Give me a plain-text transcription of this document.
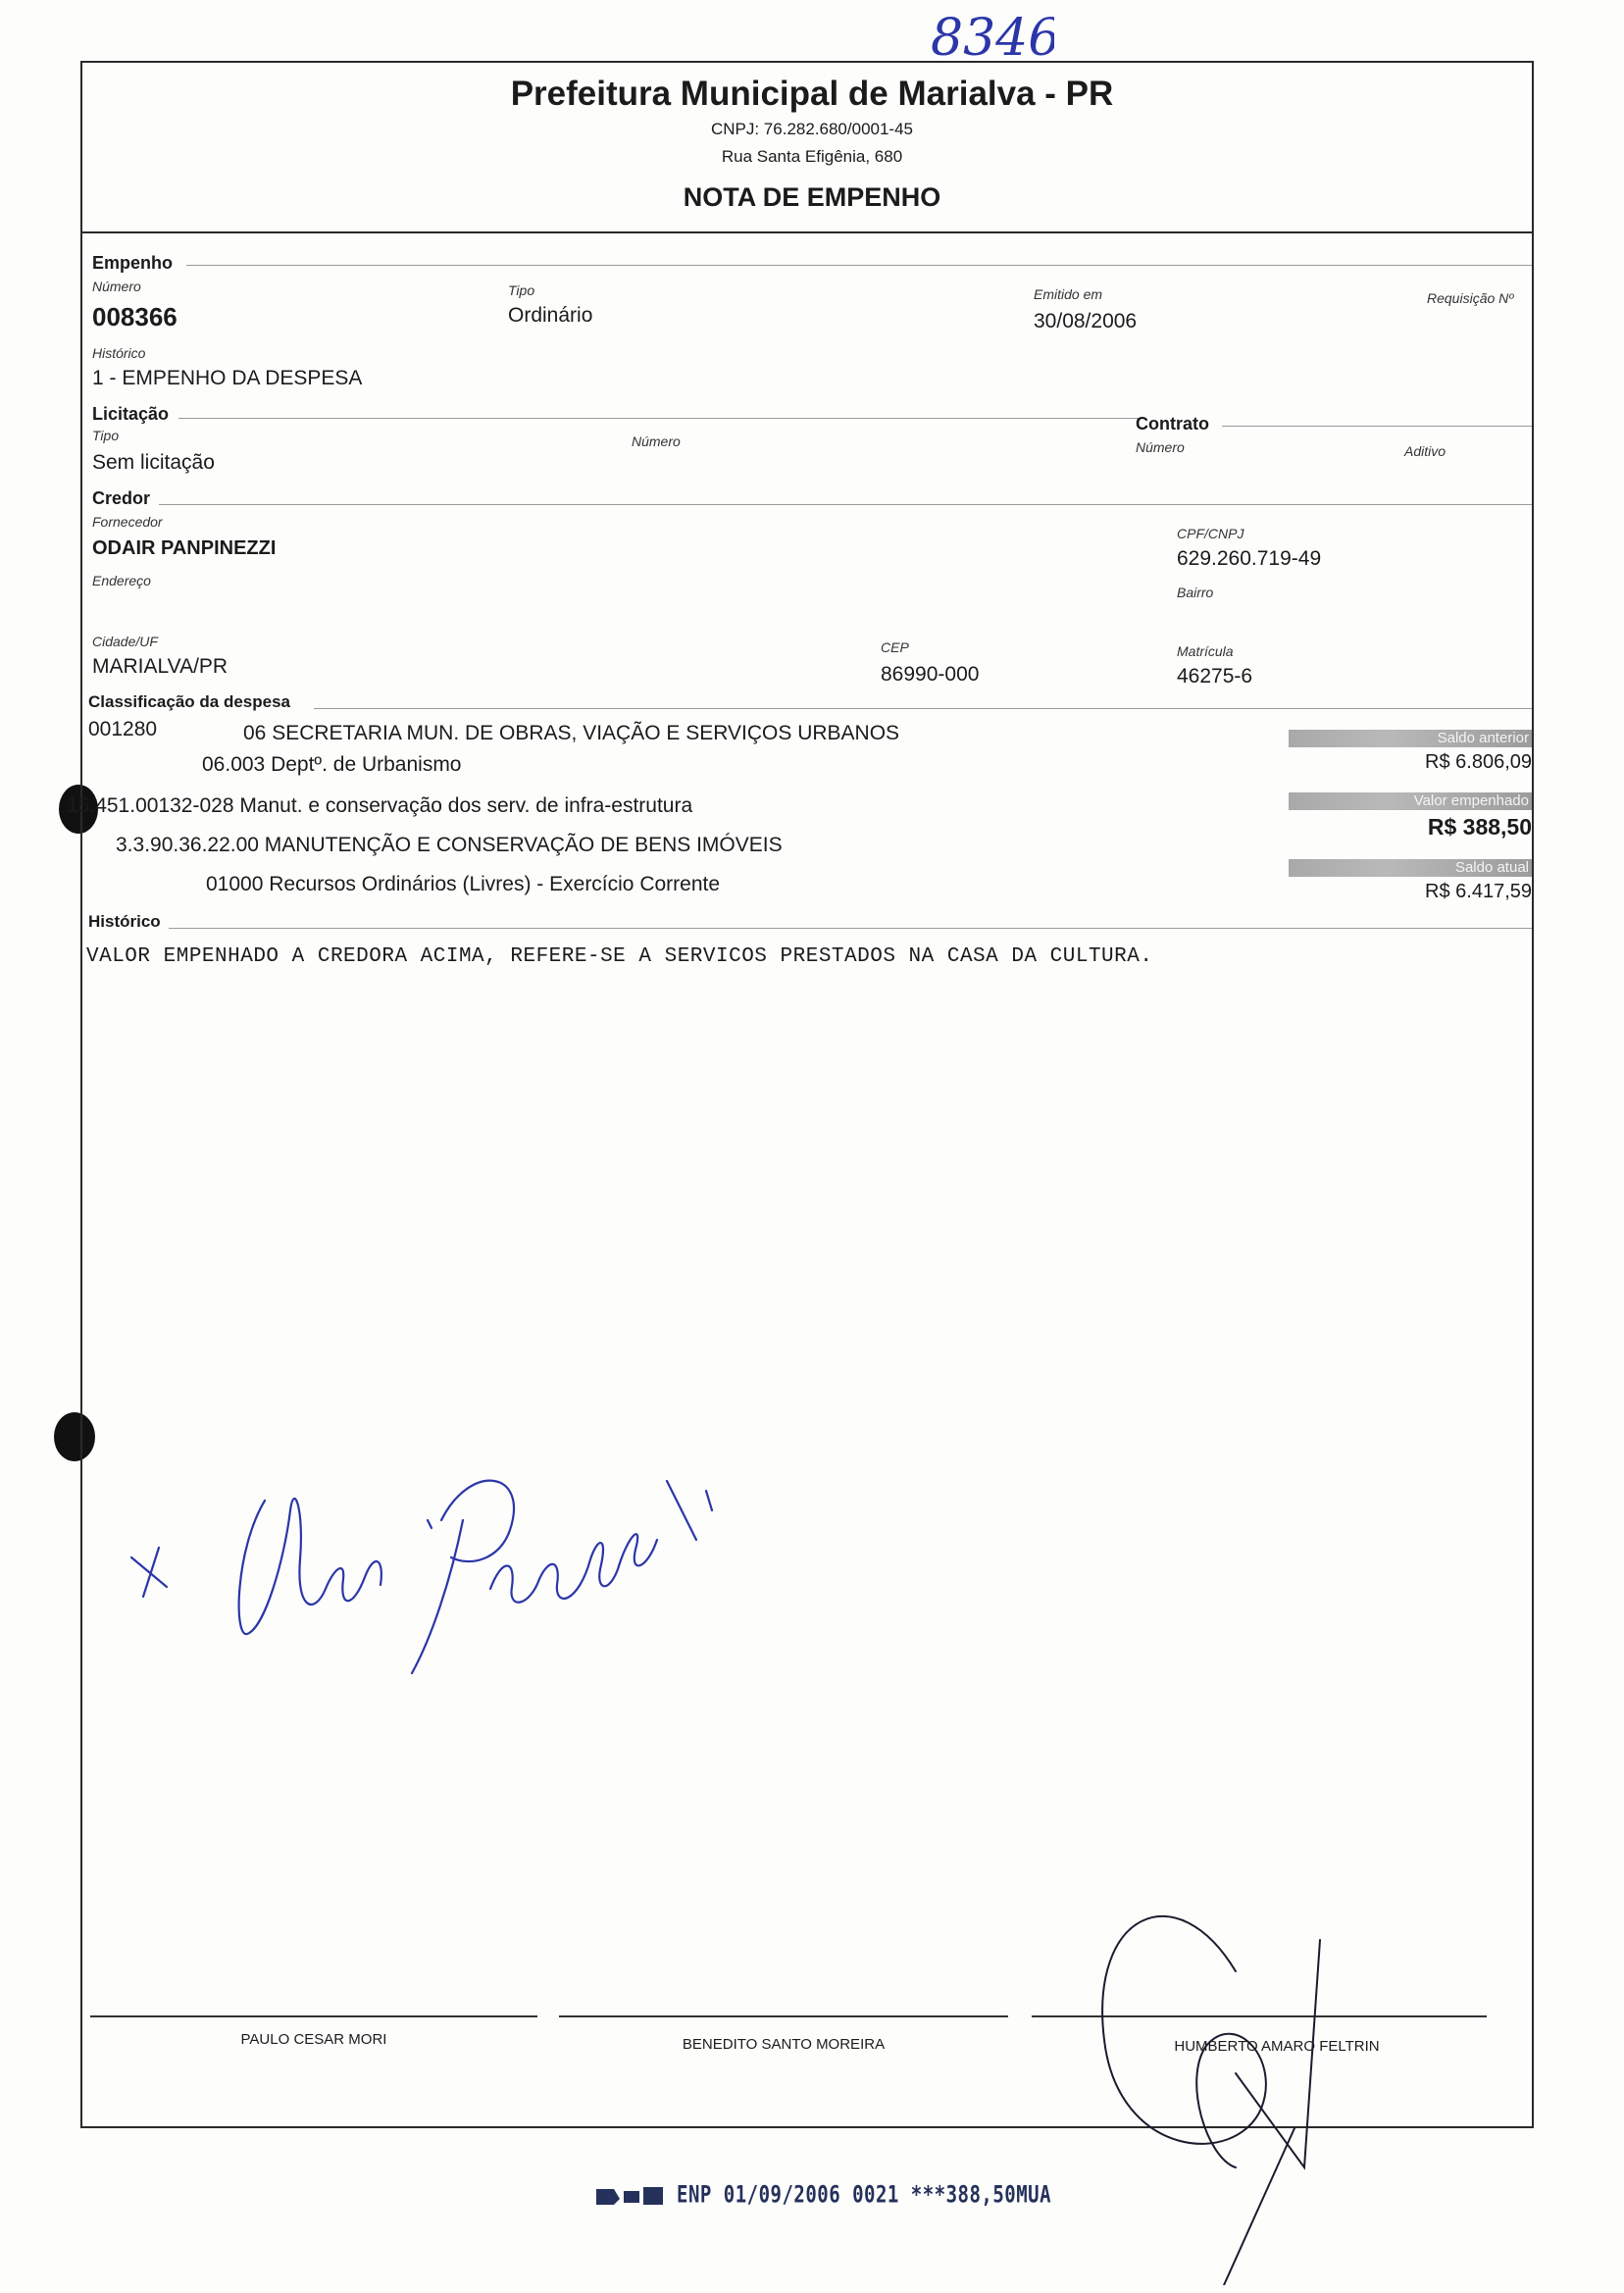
8346
Prefeitura Municipal de Marialva - PR
CNPJ: 76.282.680/0001-45
Rua Santa Efigênia, 680
NOTA DE EMPENHO
Empenho
Número
008366
Tipo
Ordinário
Emitido em
30/08/2006
Requisição Nº
Histórico
1 - EMPENHO DA DESPESA
Licitação
Tipo
Sem licitação
Número
Contrato
Número	Aditivo
Credor
Fornecedor
ODAIR PANPINEZZI
CPF/CNPJ
629.260.719-49
Endereço
Bairro
Cidade/UF
MARIALVA/PR
CEP
86990-000
Matrícula
46275-6
Classificação da despesa
001280	06 SECRETARIA MUN. DE OBRAS, VIAÇÃO E SERVIÇOS URBANOS
06.003 Deptº. de Urbanismo
15.451.00132-028 Manut. e conservação dos serv. de infra-estrutura
3.3.90.36.22.00 MANUTENÇÃO E CONSERVAÇÃO DE BENS IMÓVEIS
01000 Recursos Ordinários (Livres) - Exercício Corrente
Saldo anterior
R$ 6.806,09
Valor empenhado
R$ 388,50
Saldo atual
R$ 6.417,59
Histórico
VALOR EMPENHADO A CREDORA ACIMA, REFERE-SE A SERVICOS PRESTADOS NA CASA DA CULTURA.
PAULO CESAR MORI	BENEDITO SANTO MOREIRA	HUMBERTO AMARO FELTRIN
ENP 01/09/2006 0021 ***388,50MUA
